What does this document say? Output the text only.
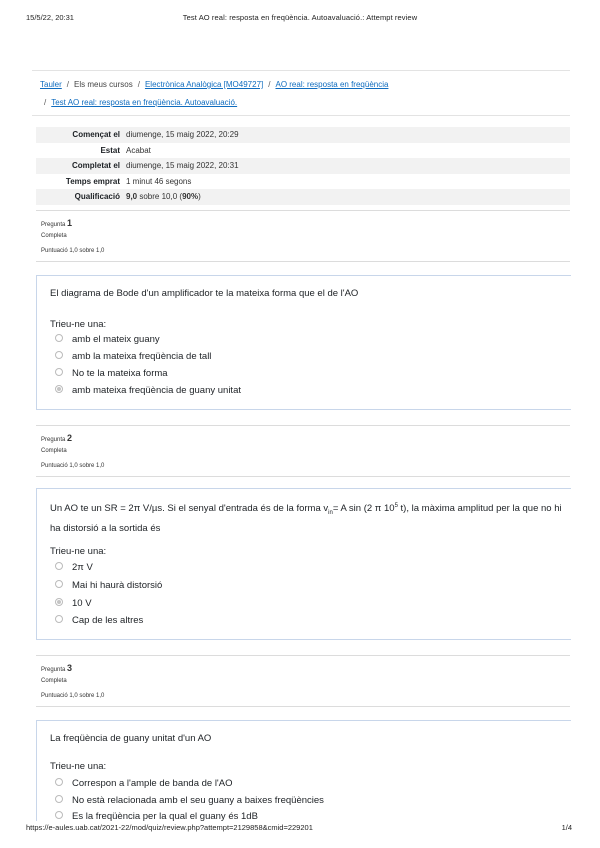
15/5/22, 20:31	Test AO real: resposta en freqüència. Autoavaluació.: Attempt review
Tauler / Els meus cursos / Electrònica Analògica [MO49727] / AO real: resposta en freqüència
/ Test AO real: resposta en freqüència. Autoavaluació.
Començat el	diumenge, 15 maig 2022, 20:29
Estat	Acabat
Completat el	diumenge, 15 maig 2022, 20:31
Temps emprat	1 minut 46 segons
Qualificació	9,0 sobre 10,0 (90%)
Pregunta 1
Completa
Puntuació 1,0 sobre 1,0
El diagrama de Bode d'un amplificador te la mateixa forma que el de l'AO
Trieu-ne una:
amb el mateix guany
amb la mateixa freqüència de tall
No te la mateixa forma
amb mateixa freqüència de guany unitat
Pregunta 2
Completa
Puntuació 1,0 sobre 1,0
Un AO te un SR = 2π V/µs. Si el senyal d'entrada és de la forma $v_{in}= A$ sin (2 π $10^5$ t), la màxima amplitud per la que no hi ha distorsió a la sortida és
Trieu-ne una:
2π V
Mai hi haurà distorsió
10 V
Cap de les altres
Pregunta 3
Completa
Puntuació 1,0 sobre 1,0
La freqüència de guany unitat d'un AO
Trieu-ne una:
Correspon a l'ample de banda de l'AO
No està relacionada amb el seu guany a baixes freqüències
Es la freqüència per la qual el guany és 1dB
https://e-aules.uab.cat/2021-22/mod/quiz/review.php?attempt=2129858&cmid=229201	1/4
